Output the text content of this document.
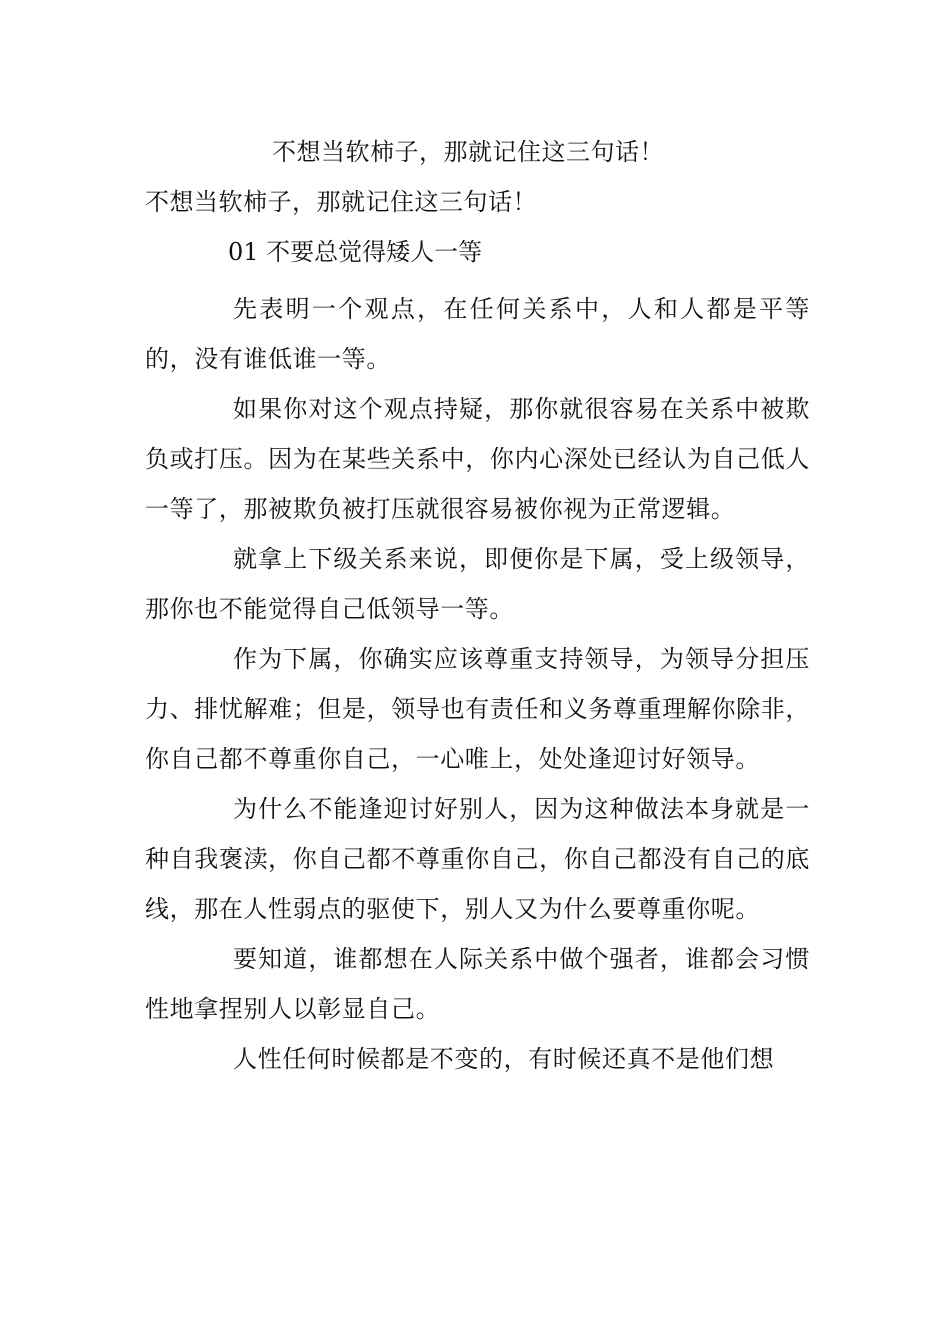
不想当软柿子，那就记住这三句话！
不想当软柿子，那就记住这三句话！
01 不要总觉得矮人一等

先表明一个观点，在任何关系中，人和人都是平等的，没有谁低谁一等。

如果你对这个观点持疑，那你就很容易在关系中被欺负或打压。因为在某些关系中，你内心深处已经认为自己低人一等了，那被欺负被打压就很容易被你视为正常逻辑。

就拿上下级关系来说，即便你是下属，受上级领导，那你也不能觉得自己低领导一等。

作为下属，你确实应该尊重支持领导，为领导分担压力、排忧解难；但是，领导也有责任和义务尊重理解你除非，你自己都不尊重你自己，一心唯上，处处逢迎讨好领导。

为什么不能逢迎讨好别人，因为这种做法本身就是一种自我褒渎，你自己都不尊重你自己，你自己都没有自己的底线，那在人性弱点的驱使下，别人又为什么要尊重你呢。

要知道，谁都想在人际关系中做个强者，谁都会习惯性地拿捏别人以彰显自己。

人性任何时候都是不变的，有时候还真不是他们想
